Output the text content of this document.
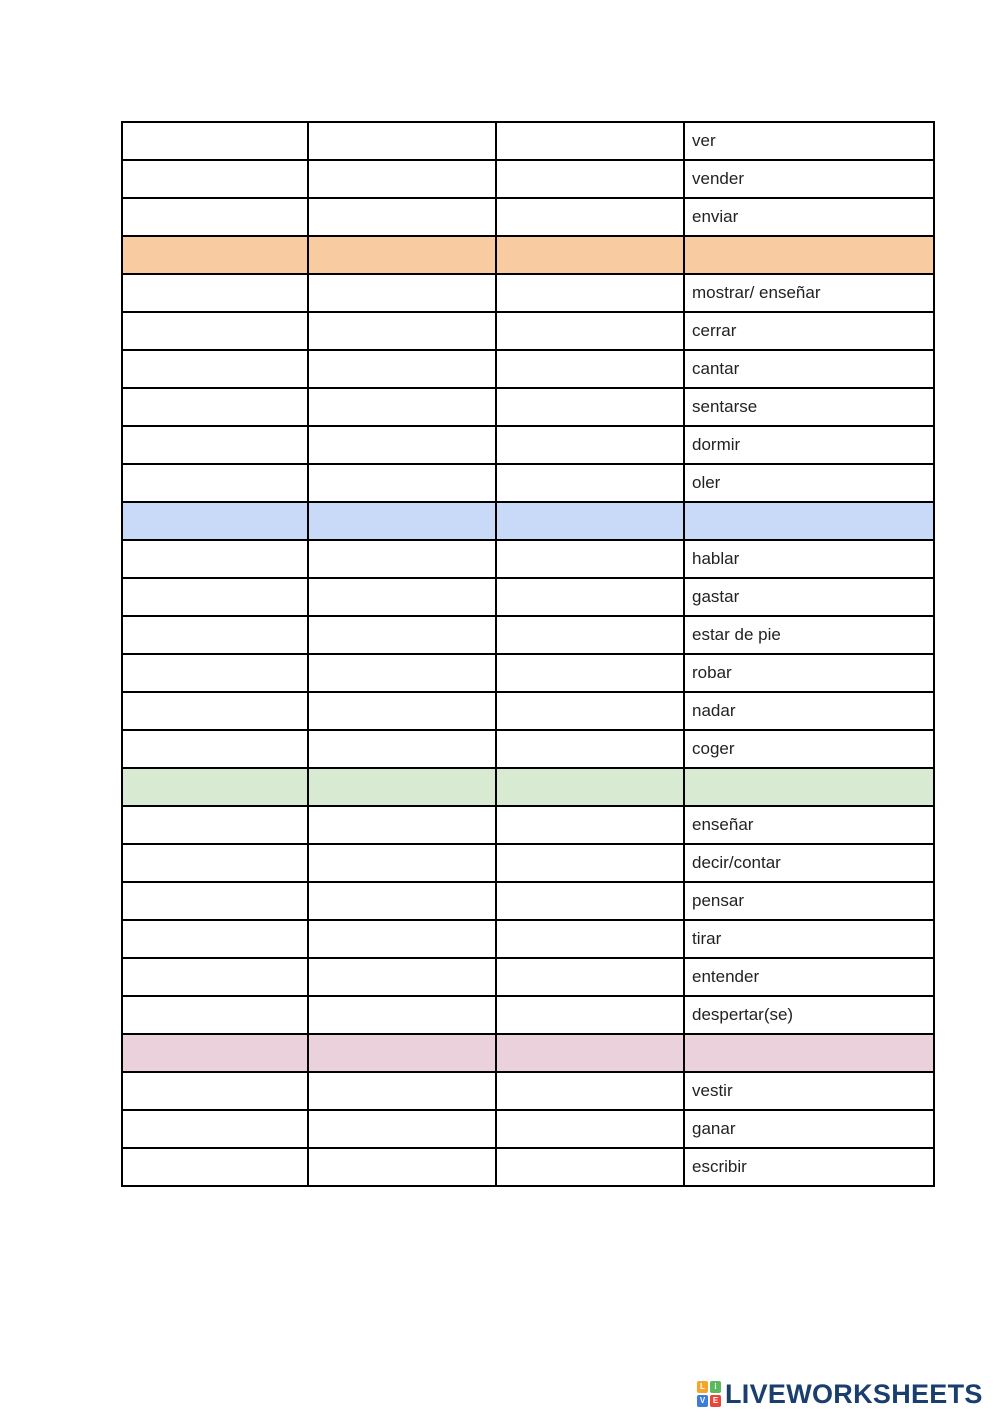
			ver
			vender
			enviar

			mostrar/ enseñar
			cerrar
			cantar
			sentarse
			dormir
			oler

			hablar
			gastar
			estar de pie
			robar
			nadar
			coger

			enseñar
			decir/contar
			pensar
			tirar
			entender
			despertar(se)

			vestir
			ganar
			escribir
L	i
V E LIVEWORKSHEETS
